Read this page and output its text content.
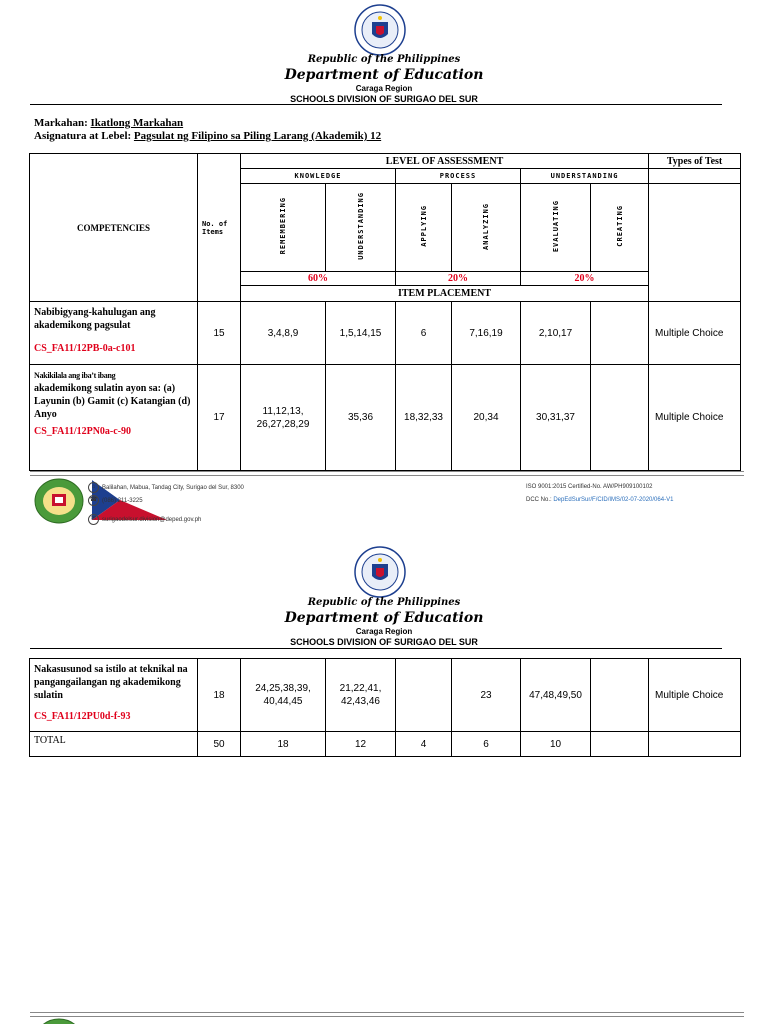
Republic of the Philippines
Department of Education
Caraga Region
SCHOOLS DIVISION OF SURIGAO DEL SUR
Markahan: Ikatlong Markahan
Asignatura at Lebel: Pagsulat ng Filipino sa Piling Larang (Akademik) 12
COMPETENCIES	No. of Items	LEVEL OF ASSESSMENT						Types of Test
		KNOWLEDGE		PROCESS		UNDERSTANDING		
		REMEMBERING	UNDERSTANDING	APPLYING	ANALYZING	EVALUATING	CREATING	
		60%		20%		20%		
		ITEM PLACEMENT						

Nabibigyang-kahulugan ang akademikong pagsulat
CS_FA11/12PB-0a-c101	15	3,4,8,9	1,5,14,15	6	7,16,19	2,10,17		Multiple Choice

Nakikilala ang iba’t ibang
akademikong sulatin ayon sa: (a) Layunin (b) Gamit (c) Katangian (d) Anyo
CS_FA11/12PN0a-c-90	17	11,12,13, 26,27,28,29	35,36	18,32,33	20,34	30,31,37		Multiple Choice
⌂ Balilahan, Mabua, Tandag City, Surigao del Sur, 8300
☎ (086) 211-3225
✉ surigaodelsur.division@deped.gov.ph
ISO 9001:2015 Certified-No. AW/PH909100102
DCC No.: DepEdSurSur/F/CID/IMS/02-07-2020/064-V1
Republic of the Philippines
Department of Education
Caraga Region
SCHOOLS DIVISION OF SURIGAO DEL SUR
Nakasusunod sa istilo at teknikal na pangangailangan ng akademikong sulatin
CS_FA11/12PU0d-f-93	18	24,25,38,39, 40,44,45	21,22,41, 42,43,46		23	47,48,49,50		Multiple Choice
TOTAL	50	18	12	4	6	10		
